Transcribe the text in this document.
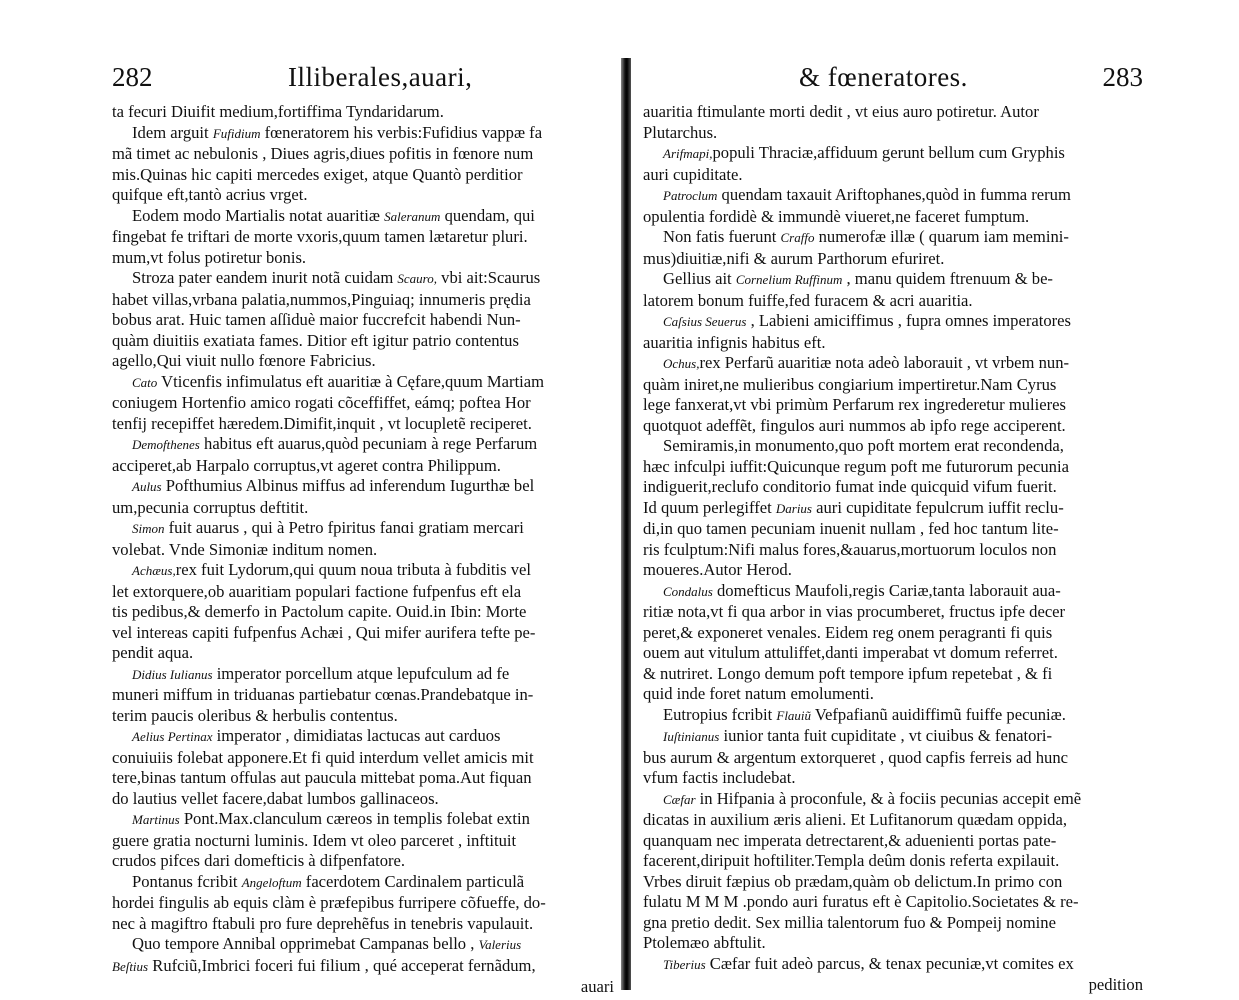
282	Illiberales,auari,
ta fecuri Diuifit medium,fortiffima Tyndaridarum.
Idem arguit Fufidium fœneratorem his verbis:Fufidius vappæ fa
mã timet ac nebulonis , Diues agris,diues pofitis in fœnore num
mis.Quinas hic capiti mercedes exiget, atque Quantò perditior
quifque eft,tantò acrius vrget.
Eodem modo Martialis notat auaritiæ Saleranum quendam, qui
fingebat fe triftari de morte vxoris,quum tamen lætaretur pluri.
mum,vt folus potiretur bonis.
Stroza pater eandem inurit notã cuidam Scauro, vbi ait:Scaurus
habet villas,vrbana palatia,nummos,Pinguiaq; innumeris prędia
bobus arat. Huic tamen aſſiduè maior fuccrefcit habendi Nun-
quàm diuitiis exatiata fames. Ditior eft igitur patrio contentus
agello,Qui viuit nullo fœnore Fabricius.
Cato Vticenfis infimulatus eft auaritiæ à Cęfare,quum Martiam
coniugem Hortenfio amico rogati cõceffiffet, eámq; poftea Hor
tenfij recepiffet hæredem.Dimifit,inquit , vt locupletẽ reciperet.
Demofthenes habitus eft auarus,quòd pecuniam à rege Perfarum
acciperet,ab Harpalo corruptus,vt ageret contra Philippum.
Aulus Pofthumius Albinus miffus ad inferendum Iugurthæ bel
um,pecunia corruptus deftitit.
Simon fuit auarus , qui à Petro fpiritus fanɑi gratiam mercari
volebat. Vnde Simoniæ inditum nomen.
Achæus,rex fuit Lydorum,qui quum noua tributa à fubditis vel
let extorquere,ob auaritiam populari factione fufpenfus eft ela
tis pedibus,& demerfo in Pactolum capite. Ouid.in Ibin: Morte
vel intereas capiti fufpenfus Achæi , Qui mifer aurifera tefte pe-
pendit aqua.
Didius Iulianus imperator porcellum atque lepufculum ad fe
muneri miffum in triduanas partiebatur cœnas.Prandebatque in-
terim paucis oleribus & herbulis contentus.
Aelius Pertinax imperator , dimidiatas lactucas aut carduos
conuiuiis folebat apponere.Et fi quid interdum vellet amicis mit
tere,binas tantum offulas aut paucula mittebat poma.Aut fiquan
do lautius vellet facere,dabat lumbos gallinaceos.
Martinus Pont.Max.clanculum cæreos in templis folebat extin
guere gratia nocturni luminis. Idem vt oleo parceret , inftituit
crudos pifces dari domefticis à difpenfatore.
Pontanus fcribit Angeloftum facerdotem Cardinalem particulã
hordei fingulis ab equis clàm è præfepibus furripere cõfueffe, do-
nec à magiftro ftabuli pro fure deprehẽfus in tenebris vapulauit.
Quo tempore Annibal opprimebat Campanas bello , Valerius
Beſtius Rufciũ,Imbrici foceri fui filium , qué acceperat fernãdum,
auari
& fœneratores.	283
auaritia ftimulante morti dedit , vt eius auro potiretur. Autor
Plutarchus.
Arifmapi,populi Thraciæ,affiduum gerunt bellum cum Gryphis
auri cupiditate.
Patroclum quendam taxauit Ariftophanes,quòd in fumma rerum
opulentia fordidè & immundè viueret,ne faceret fumptum.
Non fatis fuerunt Craffo numerofæ illæ ( quarum iam memini-
mus)diuitiæ,nifi & aurum Parthorum efuriret.
Gellius ait Cornelium Ruffinum , manu quidem ftrenuum & be-
latorem bonum fuiffe,fed furacem & acri auaritia.
Caſsius Seuerus , Labieni amiciffimus , fupra omnes imperatores
auaritia infignis habitus eft.
Ochus,rex Perfarũ auaritiæ nota adeò laborauit , vt vrbem nun-
quàm iniret,ne mulieribus congiarium impertiretur.Nam Cyrus
lege fanxerat,vt vbi primùm Perfarum rex ingrederetur mulieres
quotquot adeffẽt, fingulos auri nummos ab ipfo rege acciperent.
Semiramis,in monumento,quo poft mortem erat recondenda,
hæc infculpi iuffit:Quicunque regum poft me futurorum pecunia
indiguerit,reclufo conditorio fumat inde quicquid vifum fuerit.
Id quum perlegiffet Darius auri cupiditate fepulcrum iuffit reclu-
di,in quo tamen pecuniam inuenit nullam , fed hoc tantum lite-
ris fculptum:Nifi malus fores,&auarus,mortuorum loculos non
moueres.Autor Herod.
Condalus domefticus Maufoli,regis Cariæ,tanta laborauit aua-
ritiæ nota,vt fi qua arbor in vias procumberet, fructus ipfe decer
peret,& exponeret venales. Eidem reg onem peragranti fi quis
ouem aut vitulum attuliffet,danti imperabat vt domum referret.
& nutriret. Longo demum poft tempore ipfum repetebat , & fi
quid inde foret natum emolumenti.
Eutropius fcribit Flauiũ Vefpafianũ auidiffimũ fuiffe pecuniæ.
Iuſtinianus iunior tanta fuit cupiditate , vt ciuibus & fenatori-
bus aurum & argentum extorqueret , quod capfis ferreis ad hunc
vfum factis includebat.
Cæfar in Hifpania à proconfule, & à fociis pecunias accepit emẽ
dicatas in auxilium æris alieni. Et Lufitanorum quædam oppida,
quanquam nec imperata detrectarent,& aduenienti portas pate-
facerent,diripuit hoftiliter.Templa deûm donis referta expilauit.
Vrbes diruit fæpius ob prædam,quàm ob delictum.In primo con
fulatu M M M .pondo auri furatus eft è Capitolio.Societates & re-
gna pretio dedit. Sex millia talentorum fuo & Pompeij nomine
Ptolemæo abftulit.
Tiberius Cæfar fuit adeò parcus, & tenax pecuniæ,vt comites ex
pedition
